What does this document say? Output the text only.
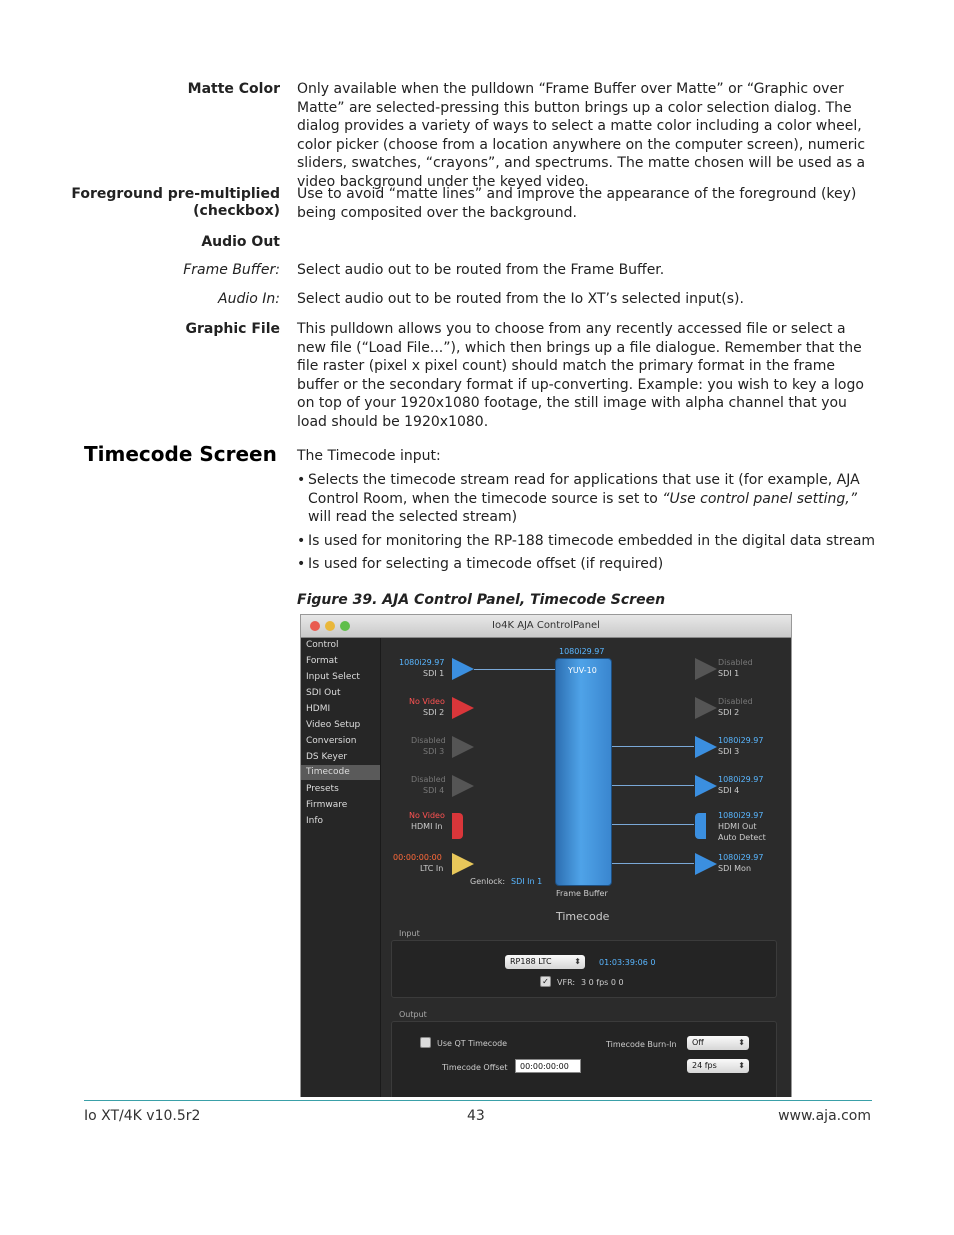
Matte Color Only available when the pulldown “Frame Buffer over Matte” or “Graphic over Matte” are selected-pressing this button brings up a color selection dialog. The dialog provides a variety of ways to select a matte color including a color wheel, color picker (choose from a location anywhere on the computer screen), numeric sliders, swatches, “crayons”, and spectrums. The matte chosen will be used as a video background under the keyed video.
Foreground pre-multiplied
(checkbox)
Use to avoid “matte lines” and improve the appearance of the foreground (key) being composited over the background.
Audio Out
Frame Buffer: Select audio out to be routed from the Frame Buffer.
Audio In: Select audio out to be routed from the Io XT’s selected input(s).
Graphic File This pulldown allows you to choose from any recently accessed file or select a new file (“Load File...”), which then brings up a file dialogue. Remember that the file raster (pixel x pixel count) should match the primary format in the frame buffer or the secondary format if up-converting. Example: you wish to key a logo on top of your 1920x1080 footage, the still image with alpha channel that you load should be 1920x1080.
Timecode Screen The Timecode input:
• Selects the timecode stream read for applications that use it (for example, AJA Control Room, when the timecode source is set to “Use control panel setting,” will read the selected stream)
• Is used for monitoring the RP-188 timecode embedded in the digital data stream
• Is used for selecting a timecode offset (if required)
Figure 39. AJA Control Panel, Timecode Screen
Io4K AJA ControlPanel
Control
Format
Input Select
SDI Out
HDMI
Video Setup
Conversion
DS Keyer
Timecode
Presets
Firmware
Info
1080i29.97
SDI 1
No Video
SDI 2
Disabled
SDI 3
Disabled
SDI 4
No Video
HDMI In
00:00:00:00
LTC In
1080i29.97
YUV-10
Frame Buffer
Genlock: SDI In 1
Disabled
SDI 1
Disabled
SDI 2
1080i29.97
SDI 3
1080i29.97
SDI 4
1080i29.97
HDMI Out
Auto Detect
1080i29.97
SDI Mon
Timecode
Input
RP188 LTC ⬍	01:03:39:06 0
✓ VFR: 3 0 fps 0 0
Output
Use QT Timecode	Timecode Burn-In	Off ⬍
Timecode Offset	00:00:00:00	24 fps ⬍
Io XT/4K v10.5r2	43	www.aja.com
